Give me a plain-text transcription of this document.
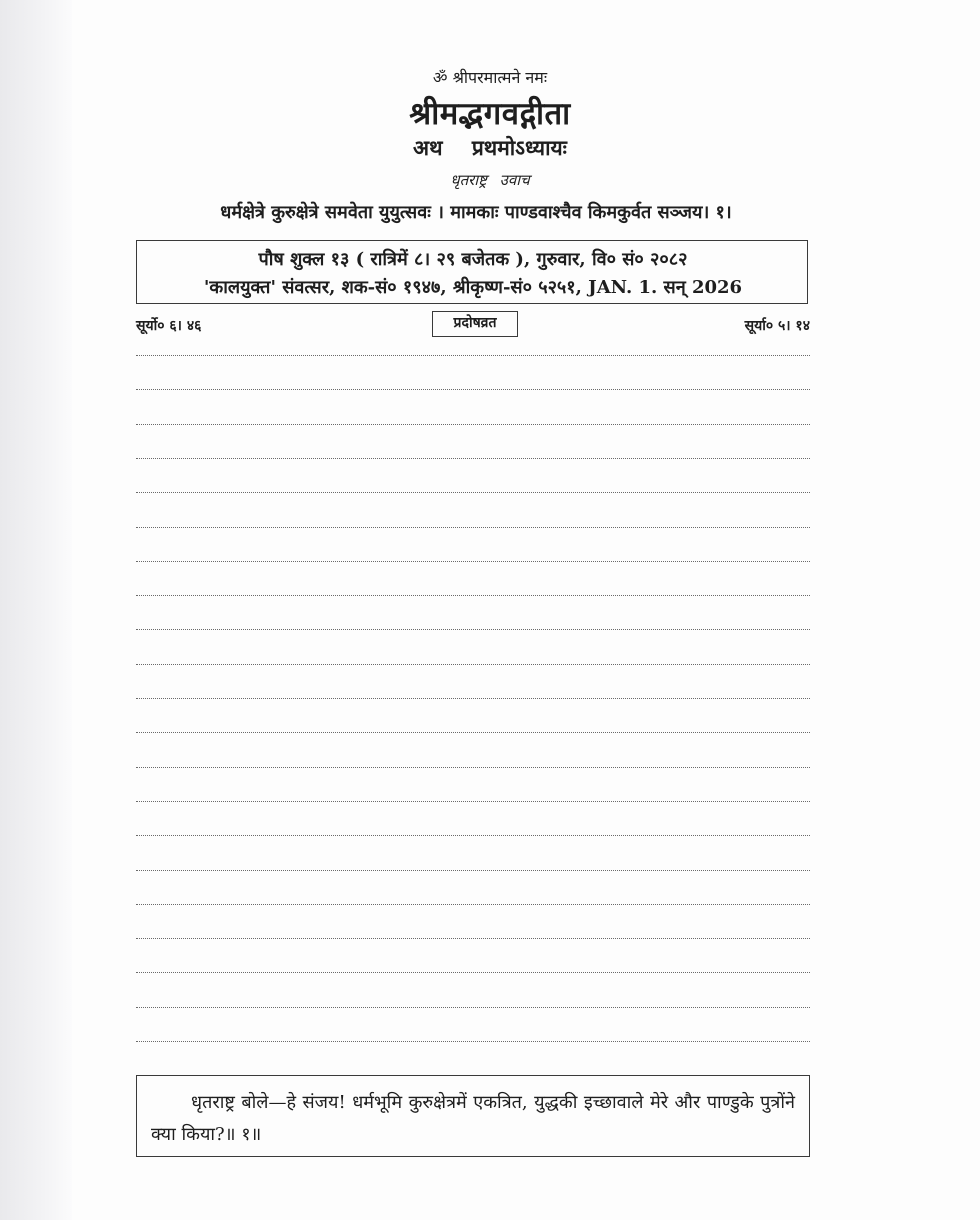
ॐ श्रीपरमात्मने नमः
श्रीमद्भगवद्गीता
अथ प्रथमोऽध्यायः
धृतराष्ट्र उवाच
धर्मक्षेत्रे कुरुक्षेत्रे समवेता युयुत्सवः । मामकाः पाण्डवाश्चैव किमकुर्वत सञ्जय। १।
पौष शुक्ल १३ ( रात्रिमें ८। २९ बजेतक ), गुरुवार, वि० सं० २०८२
'कालयुक्त' संवत्सर, शक-सं० १९४७, श्रीकृष्ण-सं० ५२५१, JAN. 1. सन् 2026
सूर्यो० ६। ४६	प्रदोषव्रत	सूर्या० ५। १४
धृतराष्ट्र बोले—हे संजय! धर्मभूमि कुरुक्षेत्रमें एकत्रित, युद्धकी इच्छावाले मेरे और पाण्डुके पुत्रोंने क्या किया?॥ १॥
